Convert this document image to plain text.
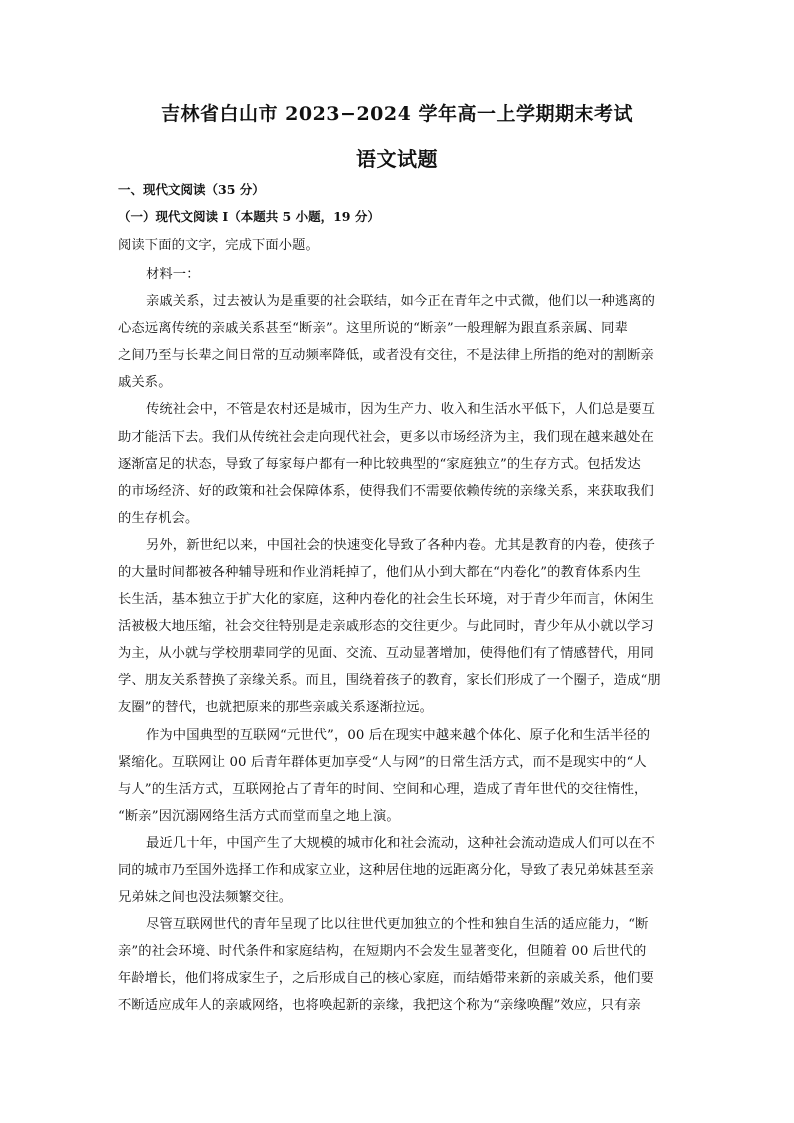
吉林省白山市 2023−2024 学年高一上学期期末考试
语文试题
一、现代文阅读（35 分）
（一）现代文阅读 I（本题共 5 小题，19 分）
阅读下面的文字，完成下面小题。
材料一：
亲戚关系，过去被认为是重要的社会联结，如今正在青年之中式微，他们以一种逃离的
心态远离传统的亲戚关系甚至“断亲”。这里所说的“断亲”一般理解为跟直系亲属、同辈
之间乃至与长辈之间日常的互动频率降低，或者没有交往，不是法律上所指的绝对的割断亲
戚关系。
传统社会中，不管是农村还是城市，因为生产力、收入和生活水平低下，人们总是要互
助才能活下去。我们从传统社会走向现代社会，更多以市场经济为主，我们现在越来越处在
逐渐富足的状态，导致了每家每户都有一种比较典型的“家庭独立”的生存方式。包括发达
的市场经济、好的政策和社会保障体系，使得我们不需要依赖传统的亲缘关系，来获取我们
的生存机会。
另外，新世纪以来，中国社会的快速变化导致了各种内卷。尤其是教育的内卷，使孩子
的大量时间都被各种辅导班和作业消耗掉了，他们从小到大都在“内卷化”的教育体系内生
长生活，基本独立于扩大化的家庭，这种内卷化的社会生长环境，对于青少年而言，休闲生
活被极大地压缩，社会交往特别是走亲戚形态的交往更少。与此同时，青少年从小就以学习
为主，从小就与学校朋辈同学的见面、交流、互动显著增加，使得他们有了情感替代，用同
学、朋友关系替换了亲缘关系。而且，围绕着孩子的教育，家长们形成了一个圈子，造成“朋
友圈”的替代，也就把原来的那些亲戚关系逐渐拉远。
作为中国典型的互联网“元世代”，00 后在现实中越来越个体化、原子化和生活半径的
紧缩化。互联网让 00 后青年群体更加享受“人与网”的日常生活方式，而不是现实中的“人
与人”的生活方式，互联网抢占了青年的时间、空间和心理，造成了青年世代的交往惰性，
“断亲”因沉溺网络生活方式而堂而皇之地上演。
最近几十年，中国产生了大规模的城市化和社会流动，这种社会流动造成人们可以在不
同的城市乃至国外选择工作和成家立业，这种居住地的远距离分化，导致了表兄弟妹甚至亲
兄弟妹之间也没法频繁交往。
尽管互联网世代的青年呈现了比以往世代更加独立的个性和独自生活的适应能力，“断
亲”的社会环境、时代条件和家庭结构，在短期内不会发生显著变化，但随着 00 后世代的
年龄增长，他们将成家生子，之后形成自己的核心家庭，而结婚带来新的亲戚关系，他们要
不断适应成年人的亲戚网络，也将唤起新的亲缘，我把这个称为“亲缘唤醒”效应，只有亲
